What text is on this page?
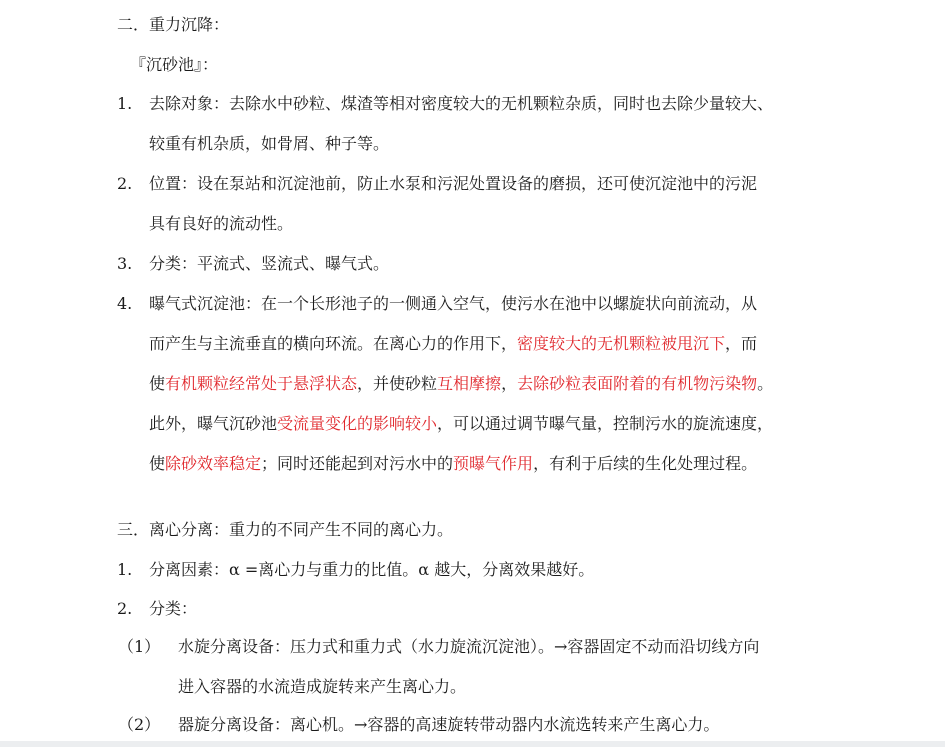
二．重力沉降：
『沉砂池』：
1. 去除对象：去除水中砂粒、煤渣等相对密度较大的无机颗粒杂质，同时也去除少量较大、
较重有机杂质，如骨屑、种子等。
2. 位置：设在泵站和沉淀池前，防止水泵和污泥处置设备的磨损，还可使沉淀池中的污泥
具有良好的流动性。
3. 分类：平流式、竖流式、曝气式。
4. 曝气式沉淀池：在一个长形池子的一侧通入空气，使污水在池中以螺旋状向前流动，从
而产生与主流垂直的横向环流。在离心力的作用下，密度较大的无机颗粒被甩沉下，而
使有机颗粒经常处于悬浮状态，并使砂粒互相摩擦，去除砂粒表面附着的有机物污染物。
此外，曝气沉砂池受流量变化的影响较小，可以通过调节曝气量，控制污水的旋流速度，
使除砂效率稳定；同时还能起到对污水中的预曝气作用，有利于后续的生化处理过程。
三．离心分离：重力的不同产生不同的离心力。
1. 分离因素：α =离心力与重力的比值。α 越大，分离效果越好。
2. 分类：
（1） 水旋分离设备：压力式和重力式（水力旋流沉淀池）。→容器固定不动而沿切线方向
进入容器的水流造成旋转来产生离心力。
（2） 器旋分离设备：离心机。→容器的高速旋转带动器内水流选转来产生离心力。
